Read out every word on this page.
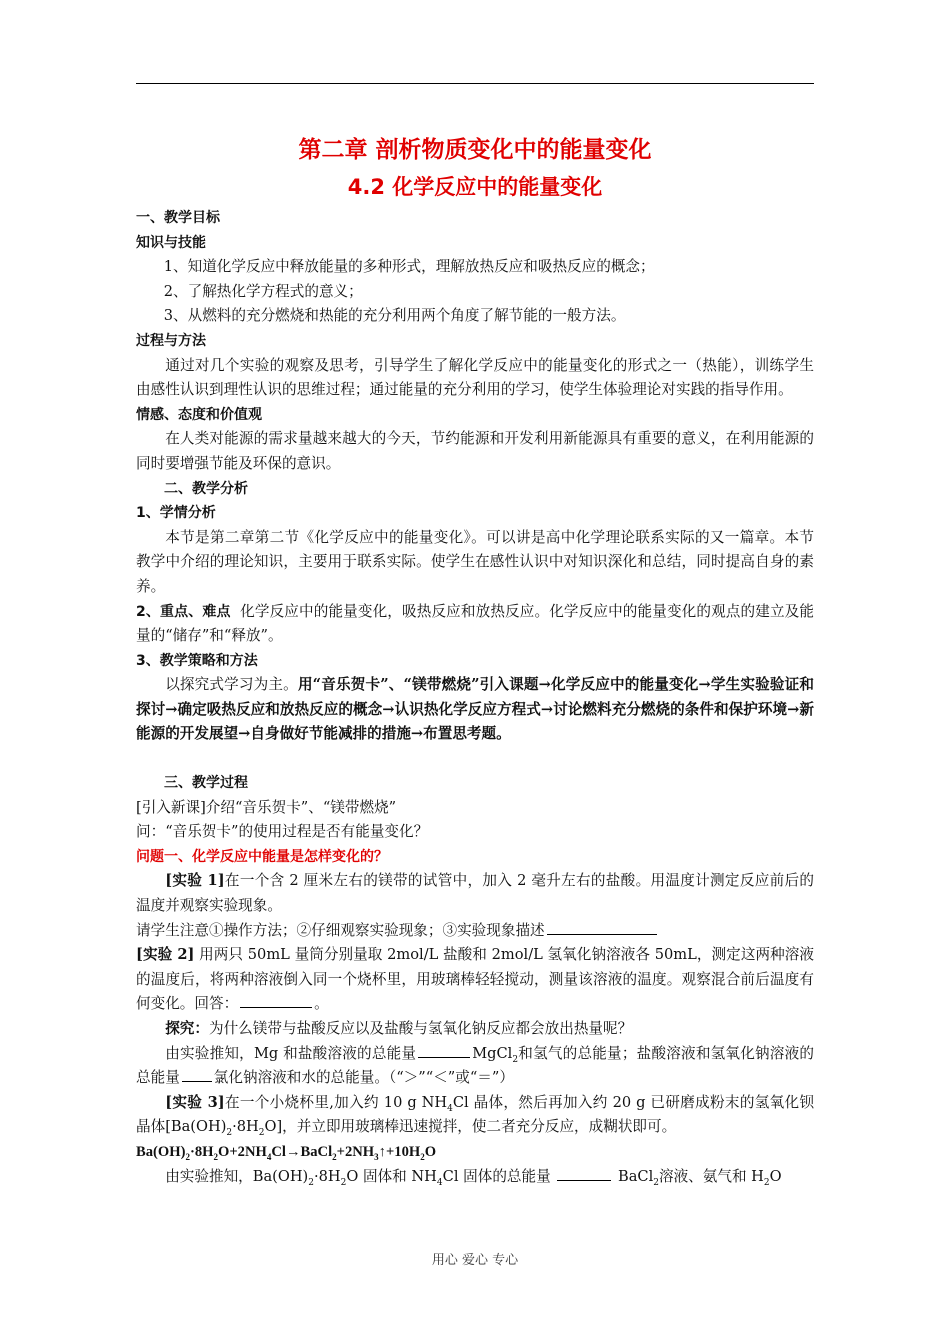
第二章 剖析物质变化中的能量变化
4.2 化学反应中的能量变化

一、教学目标

知识与技能

1、知道化学反应中释放能量的多种形式，理解放热反应和吸热反应的概念；

2、了解热化学方程式的意义；

3、从燃料的充分燃烧和热能的充分利用两个角度了解节能的一般方法。

过程与方法

通过对几个实验的观察及思考，引导学生了解化学反应中的能量变化的形式之一（热能），训练学生由感性认识到理性认识的思维过程；通过能量的充分利用的学习，使学生体验理论对实践的指导作用。

情感、态度和价值观

在人类对能源的需求量越来越大的今天，节约能源和开发利用新能源具有重要的意义，在利用能源的同时要增强节能及环保的意识。

二、教学分析

1、学情分析

本节是第二章第二节《化学反应中的能量变化》。可以讲是高中化学理论联系实际的又一篇章。本节教学中介绍的理论知识，主要用于联系实际。使学生在感性认识中对知识深化和总结，同时提高自身的素养。

2、重点、难点 化学反应中的能量变化，吸热反应和放热反应。化学反应中的能量变化的观点的建立及能量的“储存”和“释放”。

3、教学策略和方法

以探究式学习为主。用“音乐贺卡”、“镁带燃烧”引入课题→化学反应中的能量变化→学生实验验证和探讨→确定吸热反应和放热反应的概念→认识热化学反应方程式→讨论燃料充分燃烧的条件和保护环境→新能源的开发展望→自身做好节能减排的措施→布置思考题。

三、教学过程

[引入新课]介绍“音乐贺卡”、“镁带燃烧”

问：“音乐贺卡”的使用过程是否有能量变化？

问题一、化学反应中能量是怎样变化的？

[实验 1]在一个含 2 厘米左右的镁带的试管中，加入 2 毫升左右的盐酸。用温度计测定反应前后的温度并观察实验现象。

请学生注意①操作方法；②仔细观察实验现象；③实验现象描述

[实验 2] 用两只 50mL 量筒分别量取 2mol/L 盐酸和 2mol/L 氢氧化钠溶液各 50mL，测定这两种溶液的温度后，将两种溶液倒入同一个烧杯里，用玻璃棒轻轻搅动，测量该溶液的温度。观察混合前后温度有何变化。回答：	。

探究：为什么镁带与盐酸反应以及盐酸与氢氧化钠反应都会放出热量呢？

由实验推知，Mg 和盐酸溶液的总能量	MgCl$_2$和氢气的总能量；盐酸溶液和氢氧化钠溶液的总能量 氯化钠溶液和水的总能量。（“＞”“＜”或“＝”）

[实验 3]在一个小烧杯里,加入约 10 g $NH_4Cl$ 晶体，然后再加入约 20 g 已研磨成粉末的氢氧化钡晶体$[Ba(OH)_2\cdot 8H_2O]$，并立即用玻璃棒迅速搅拌，使二者充分反应，成糊状即可。

$Ba(OH)_2\cdot 8H_2O+2NH_4Cl\to BaCl_2+2NH_3↑+10H_2O$

由实验推知，$Ba(OH)_2\cdot 8H_2O$ 固体和 $NH_4Cl$ 固体的总能量	BaCl$_2$溶液、氨气和 $H_2O$

用心 爱心 专心
